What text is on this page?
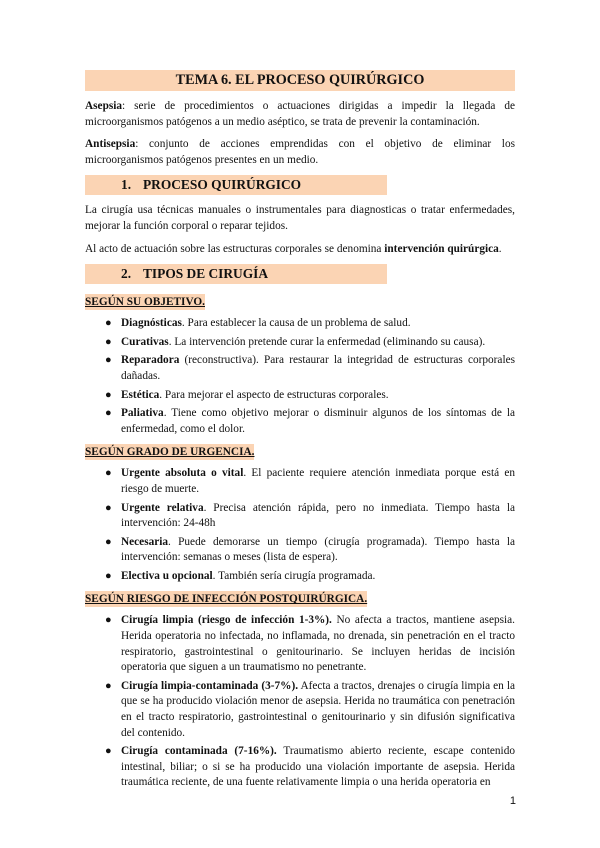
TEMA 6. EL PROCESO QUIRÚRGICO

Asepsia: serie de procedimientos o actuaciones dirigidas a impedir la llegada de microorganismos patógenos a un medio aséptico, se trata de prevenir la contaminación.

Antisepsia: conjunto de acciones emprendidas con el objetivo de eliminar los microorganismos patógenos presentes en un medio.

1. PROCESO QUIRÚRGICO

La cirugía usa técnicas manuales o instrumentales para diagnosticas o tratar enfermedades, mejorar la función corporal o reparar tejidos.

Al acto de actuación sobre las estructuras corporales se denomina intervención quirúrgica.

2. TIPOS DE CIRUGÍA
SEGÚN SU OBJETIVO.
● Diagnósticas. Para establecer la causa de un problema de salud.
● Curativas. La intervención pretende curar la enfermedad (eliminando su causa).
● Reparadora (reconstructiva). Para restaurar la integridad de estructuras corporales dañadas.
● Estética. Para mejorar el aspecto de estructuras corporales.
● Paliativa. Tiene como objetivo mejorar o disminuir algunos de los síntomas de la enfermedad, como el dolor.
SEGÚN GRADO DE URGENCIA.
● Urgente absoluta o vital. El paciente requiere atención inmediata porque está en riesgo de muerte.
● Urgente relativa. Precisa atención rápida, pero no inmediata. Tiempo hasta la intervención: 24-48h
● Necesaria. Puede demorarse un tiempo (cirugía programada). Tiempo hasta la intervención: semanas o meses (lista de espera).
● Electiva u opcional. También sería cirugía programada.
SEGÚN RIESGO DE INFECCIÓN POSTQUIRÚRGICA.
● Cirugía limpia (riesgo de infección 1-3%). No afecta a tractos, mantiene asepsia. Herida operatoria no infectada, no inflamada, no drenada, sin penetración en el tracto respiratorio, gastrointestinal o genitourinario. Se incluyen heridas de incisión operatoria que siguen a un traumatismo no penetrante.
● Cirugía limpia-contaminada (3-7%). Afecta a tractos, drenajes o cirugía limpia en la que se ha producido violación menor de asepsia. Herida no traumática con penetración en el tracto respiratorio, gastrointestinal o genitourinario y sin difusión significativa del contenido.
● Cirugía contaminada (7-16%). Traumatismo abierto reciente, escape contenido intestinal, biliar; o si se ha producido una violación importante de asepsia. Herida traumática reciente, de una fuente relativamente limpia o una herida operatoria en
1
